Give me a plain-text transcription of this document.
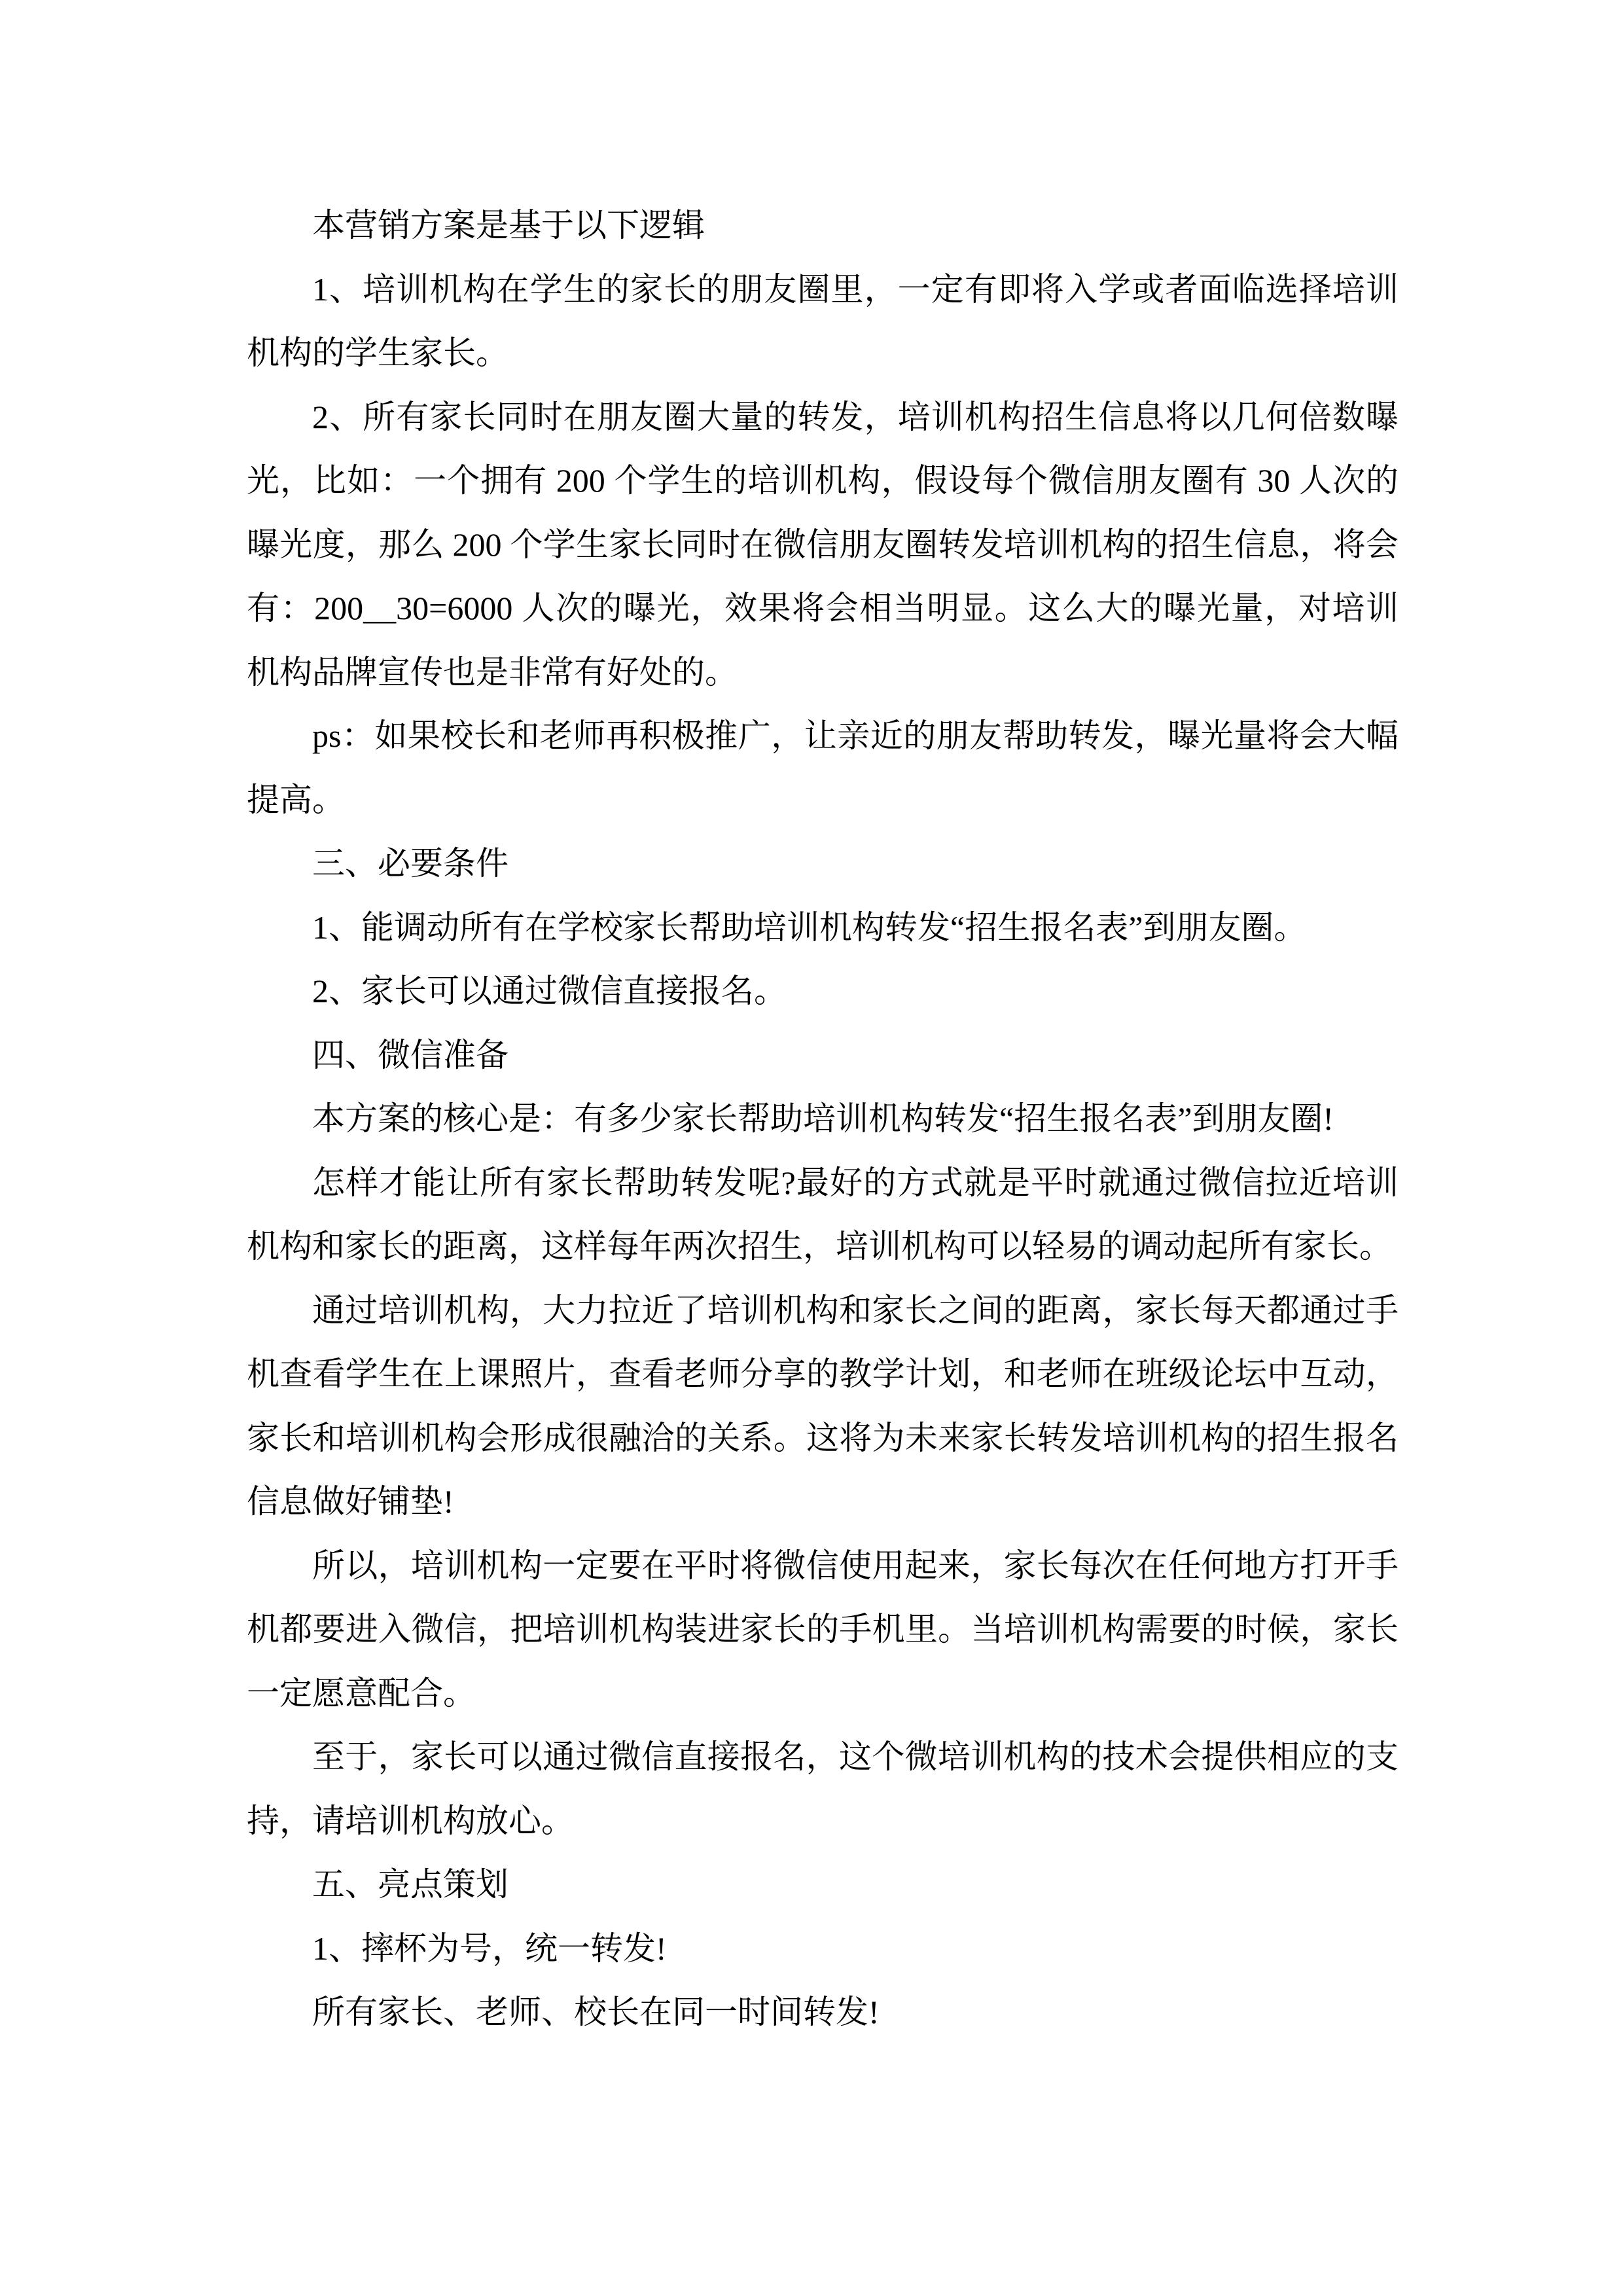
本营销方案是基于以下逻辑

1、培训机构在学生的家长的朋友圈里，一定有即将入学或者面临选择培训机构的学生家长。

2、所有家长同时在朋友圈大量的转发，培训机构招生信息将以几何倍数曝光，比如：一个拥有 200 个学生的培训机构，假设每个微信朋友圈有 30 人次的曝光度，那么 200 个学生家长同时在微信朋友圈转发培训机构的招生信息，将会有：200__30=6000 人次的曝光，效果将会相当明显。这么大的曝光量，对培训机构品牌宣传也是非常有好处的。

ps：如果校长和老师再积极推广，让亲近的朋友帮助转发，曝光量将会大幅提高。

三、必要条件

1、能调动所有在学校家长帮助培训机构转发“招生报名表”到朋友圈。

2、家长可以通过微信直接报名。

四、微信准备

本方案的核心是：有多少家长帮助培训机构转发“招生报名表”到朋友圈!

怎样才能让所有家长帮助转发呢?最好的方式就是平时就通过微信拉近培训机构和家长的距离，这样每年两次招生，培训机构可以轻易的调动起所有家长。

通过培训机构，大力拉近了培训机构和家长之间的距离，家长每天都通过手机查看学生在上课照片，查看老师分享的教学计划，和老师在班级论坛中互动，家长和培训机构会形成很融洽的关系。这将为未来家长转发培训机构的招生报名信息做好铺垫!

所以，培训机构一定要在平时将微信使用起来，家长每次在任何地方打开手机都要进入微信，把培训机构装进家长的手机里。当培训机构需要的时候，家长一定愿意配合。

至于，家长可以通过微信直接报名，这个微培训机构的技术会提供相应的支持，请培训机构放心。

五、亮点策划

1、摔杯为号，统一转发!

所有家长、老师、校长在同一时间转发!
